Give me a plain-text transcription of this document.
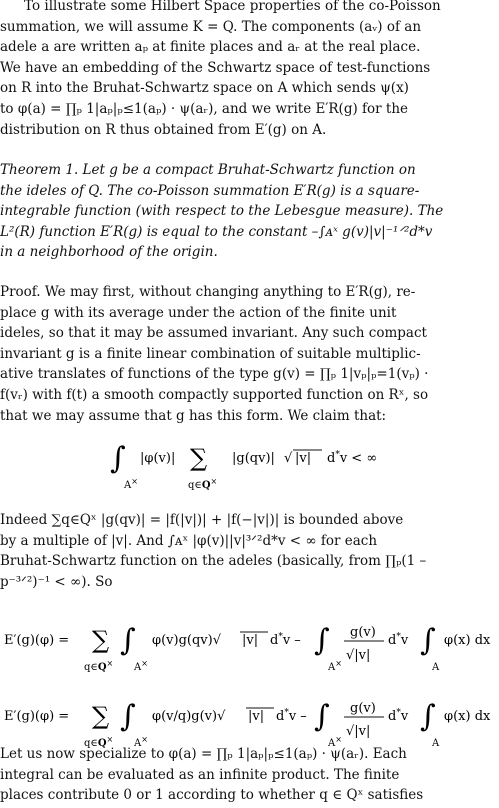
To illustrate some Hilbert Space properties of the co-Poisson
summation, we will assume K = Q. The components (aᵥ) of an
adele a are written aₚ at finite places and aᵣ at the real place.
We have an embedding of the Schwartz space of test-functions
on R into the Bruhat-Schwartz space on A which sends ψ(x)
to φ(a) = ∏ₚ 1|aₚ|ₚ≤1(aₚ) · ψ(aᵣ), and we write E′R(g) for the
distribution on R thus obtained from E′(g) on A.
Theorem 1. Let g be a compact Bruhat-Schwartz function on
the ideles of Q. The co-Poisson summation E′R(g) is a square-
integrable function (with respect to the Lebesgue measure). The
L²(R) function E′R(g) is equal to the constant –∫ᴀˣ g(v)|v|⁻¹ᐟ²d*v
in a neighborhood of the origin.
Proof. We may first, without changing anything to E′R(g), re-
place g with its average under the action of the finite unit
ideles, so that it may be assumed invariant. Any such compact
invariant g is a finite linear combination of suitable multiplic-
ative translates of functions of the type g(v) = ∏ₚ 1|vₚ|ₚ=1(vₚ) ·
f(vᵣ) with f(t) a smooth compactly supported function on Rˣ, so
that we may assume that g has this form. We claim that:
∫
A×
|φ(v)| ∑
q∈Q×
|g(qv)| √ |v| d*v < ∞
Indeed ∑q∈Qˣ |g(qv)| = |f(|v|)| + |f(−|v|)| is bounded above
by a multiple of |v|. And ∫ᴀˣ |φ(v)||v|³ᐟ²d*v < ∞ for each
Bruhat-Schwartz function on the adeles (basically, from ∏ₚ(1 –
p⁻³ᐟ²)⁻¹ < ∞). So
E′(g)(φ) = ∑
q∈Q×
∫
A×
φ(v)g(qv)√ |v| d*v – ∫
A×
g(v)
√|v|
d*v ∫
A
φ(x) dx
E′(g)(φ) = ∑
q∈Q×
∫
A×
φ(v/q)g(v)√ |v| d*v – ∫
A×
g(v)
√|v|
d*v ∫
A
φ(x) dx
Let us now specialize to φ(a) = ∏ₚ 1|aₚ|ₚ≤1(aₚ) · ψ(aᵣ). Each
integral can be evaluated as an infinite product. The finite
places contribute 0 or 1 according to whether q ∈ Qˣ satisfies
